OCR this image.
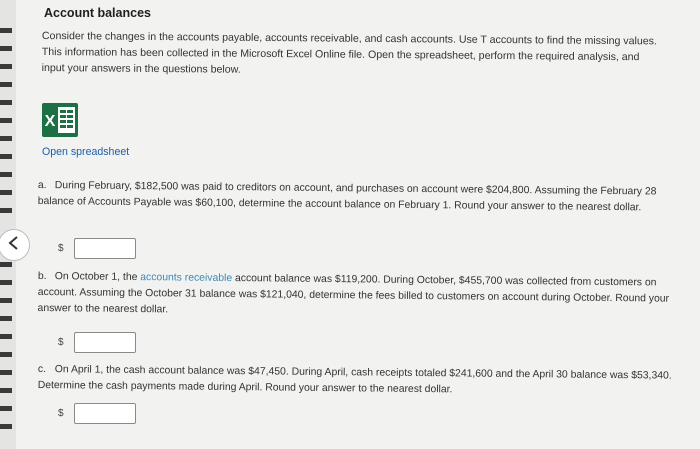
Account balances
Consider the changes in the accounts payable, accounts receivable, and cash accounts. Use T accounts to find the missing values. This information has been collected in the Microsoft Excel Online file. Open the spreadsheet, perform the required analysis, and input your answers in the questions below.
X
Open spreadsheet
a. During February, $182,500 was paid to creditors on account, and purchases on account were $204,800. Assuming the February 28 balance of Accounts Payable was $60,100, determine the account balance on February 1. Round your answer to the nearest dollar.
$
b. On October 1, the accounts receivable account balance was $119,200. During October, $455,700 was collected from customers on account. Assuming the October 31 balance was $121,040, determine the fees billed to customers on account during October. Round your answer to the nearest dollar.
$
c. On April 1, the cash account balance was $47,450. During April, cash receipts totaled $241,600 and the April 30 balance was $53,340. Determine the cash payments made during April. Round your answer to the nearest dollar.
$
